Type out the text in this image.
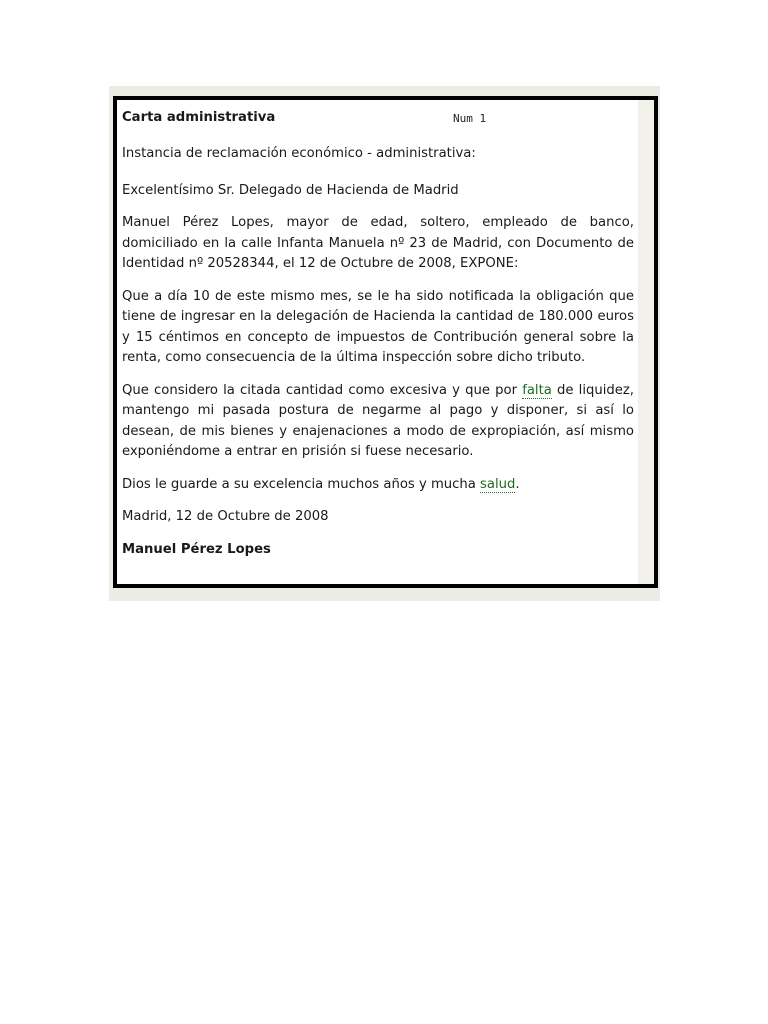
Carta administrativa	Num 1

Instancia de reclamación económico - administrativa:

Excelentísimo Sr. Delegado de Hacienda de Madrid

Manuel Pérez Lopes, mayor de edad, soltero, empleado de banco, domiciliado en la calle Infanta Manuela nº 23 de Madrid, con Documento de Identidad nº 20528344, el 12 de Octubre de 2008, EXPONE:

Que a día 10 de este mismo mes, se le ha sido notificada la obligación que tiene de ingresar en la delegación de Hacienda la cantidad de 180.000 euros y 15 céntimos en concepto de impuestos de Contribución general sobre la renta, como consecuencia de la última inspección sobre dicho tributo.

Que considero la citada cantidad como excesiva y que por falta de liquidez, mantengo mi pasada postura de negarme al pago y disponer, si así lo desean, de mis bienes y enajenaciones a modo de expropiación, así mismo exponiéndome a entrar en prisión si fuese necesario.

Dios le guarde a su excelencia muchos años y mucha salud.

Madrid, 12 de Octubre de 2008

Manuel Pérez Lopes
